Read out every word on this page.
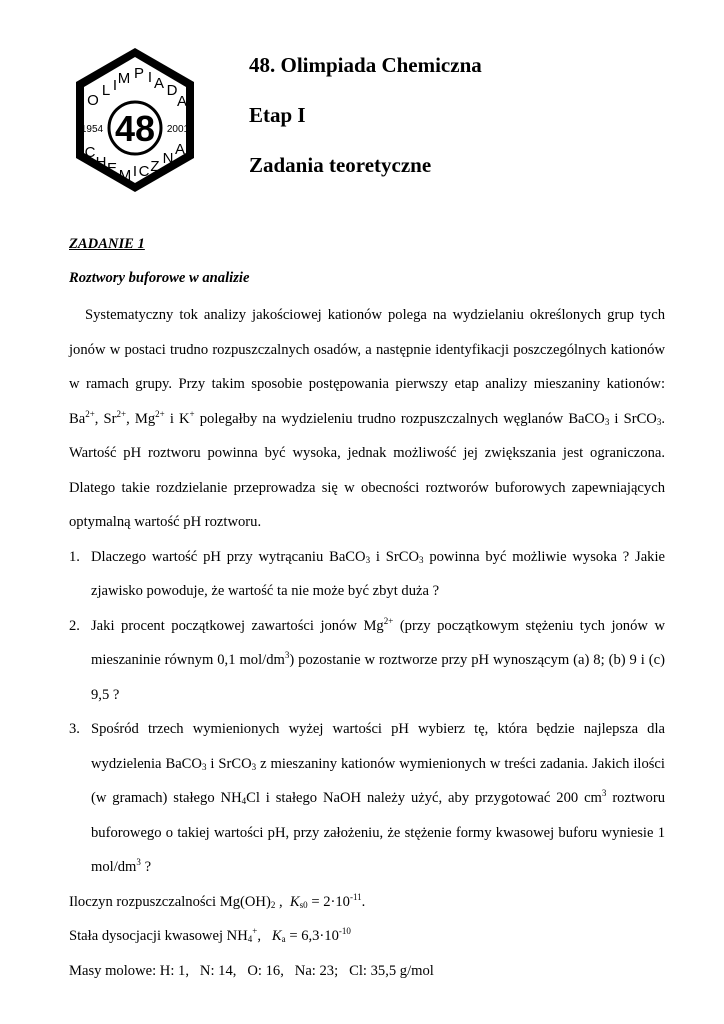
OL IM P I A DA
CHE M ICZ NA
48
1954	2001
48. Olimpiada Chemiczna
Etap I
Zadania teoretyczne

ZADANIE 1

Roztwory buforowe w analizie

Systematyczny tok analizy jakościowej kationów polega na wydzielaniu określonych grup tych jonów w postaci trudno rozpuszczalnych osadów, a następnie identyfikacji poszczególnych kationów w ramach grupy. Przy takim sposobie postępowania pierwszy etap analizy mieszaniny kationów: $Ba^{2+}$, $Sr^{2+}$, $Mg^{2+}$ i K+ polegałby na wydzieleniu trudno rozpuszczalnych węglanów BaCO$_3$ i SrCO$_3$. Wartość pH roztworu powinna być wysoka, jednak możliwość jej zwiększania jest ograniczona. Dlatego takie rozdzielanie przeprowadza się w obecności roztworów buforowych zapewniających optymalną wartość pH roztworu.

1. Dlaczego wartość pH przy wytrącaniu BaCO$_3$ i SrCO$_3$ powinna być możliwie wysoka ? Jakie zjawisko powoduje, że wartość ta nie może być zbyt duża ?
2. Jaki procent początkowej zawartości jonów $Mg^{2+}$ (przy początkowym stężeniu tych jonów w mieszaninie równym 0,1 mol/$dm^3$) pozostanie w roztworze przy pH wynoszącym (a) 8; (b) 9 i (c) 9,5 ?
3. Spośród trzech wymienionych wyżej wartości pH wybierz tę, która będzie najlepsza dla wydzielenia BaCO$_3$ i SrCO$_3$ z mieszaniny kationów wymienionych w treści zadania. Jakich ilości (w gramach) stałego $NH_4Cl$ i stałego NaOH należy użyć, aby przygotować 200 $cm^3$ roztworu buforowego o takiej wartości pH, przy założeniu, że stężenie formy kwasowej buforu wyniesie 1 mol/$dm^3$ ?

Iloczyn rozpuszczalności $Mg(OH)_2$ , $K_{s0} = 2\cdot 10^{-11}$.

Stała dysocjacji kwasowej $NH_4^+$, $K_a = 6,3\cdot 10^{-10}$

Masy molowe: H: 1,   N: 14,   O: 16,   Na: 23;   Cl: 35,5 g/mol
